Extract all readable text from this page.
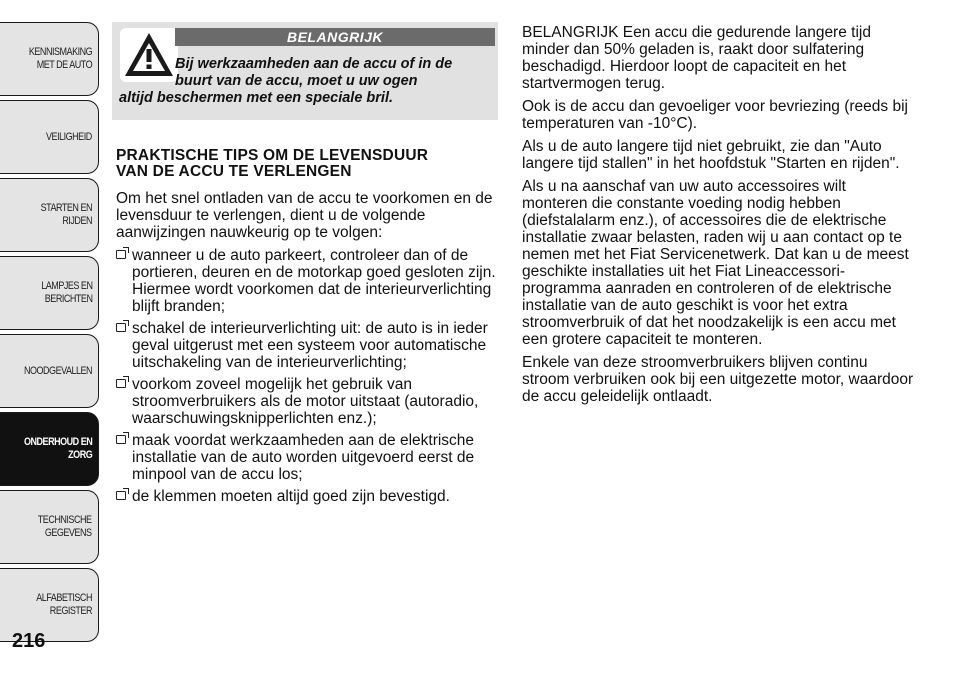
KENNISMAKING
MET DE AUTO
VEILIGHEID
STARTEN EN RIJDEN
LAMPJES EN
BERICHTEN
NOODGEVALLEN
ONDERHOUD EN
ZORG
TECHNISCHE
GEGEVENS
ALFABETISCH
REGISTER
216
BELANGRIJK
Bij werkzaamheden aan de accu of in de
buurt van de accu, moet u uw ogen
altijd beschermen met een speciale bril.
PRAKTISCHE TIPS OM DE LEVENSDUUR
VAN DE ACCU TE VERLENGEN

Om het snel ontladen van de accu te voorkomen en de levensduur te verlengen, dient u de volgende aanwijzingen nauwkeurig op te volgen:

wanneer u de auto parkeert, controleer dan of de portieren, deuren en de motorkap goed gesloten zijn. Hiermee wordt voorkomen dat de interieurverlichting blijft branden;
schakel de interieurverlichting uit: de auto is in ieder geval uitgerust met een systeem voor automatische uitschakeling van de interieurverlichting;
voorkom zoveel mogelijk het gebruik van stroomverbruikers als de motor uitstaat (autoradio, waarschuwingsknipperlichten enz.);
maak voordat werkzaamheden aan de elektrische installatie van de auto worden uitgevoerd eerst de minpool van de accu los;
de klemmen moeten altijd goed zijn bevestigd.

BELANGRIJK Een accu die gedurende langere tijd minder dan 50% geladen is, raakt door sulfatering beschadigd. Hierdoor loopt de capaciteit en het startvermogen terug.

Ook is de accu dan gevoeliger voor bevriezing (reeds bij temperaturen van -10°C).

Als u de auto langere tijd niet gebruikt, zie dan "Auto langere tijd stallen" in het hoofdstuk "Starten en rijden".

Als u na aanschaf van uw auto accessoires wilt monteren die constante voeding nodig hebben (diefstalalarm enz.), of accessoires die de elektrische installatie zwaar belasten, raden wij u aan contact op te nemen met het Fiat Servicenetwerk. Dat kan u de meest geschikte installaties uit het Fiat Lineaccessori-programma aanraden en controleren of de elektrische installatie van de auto geschikt is voor het extra stroomverbruik of dat het noodzakelijk is een accu met een grotere capaciteit te monteren.

Enkele van deze stroomverbruikers blijven continu stroom verbruiken ook bij een uitgezette motor, waardoor de accu geleidelijk ontlaadt.
